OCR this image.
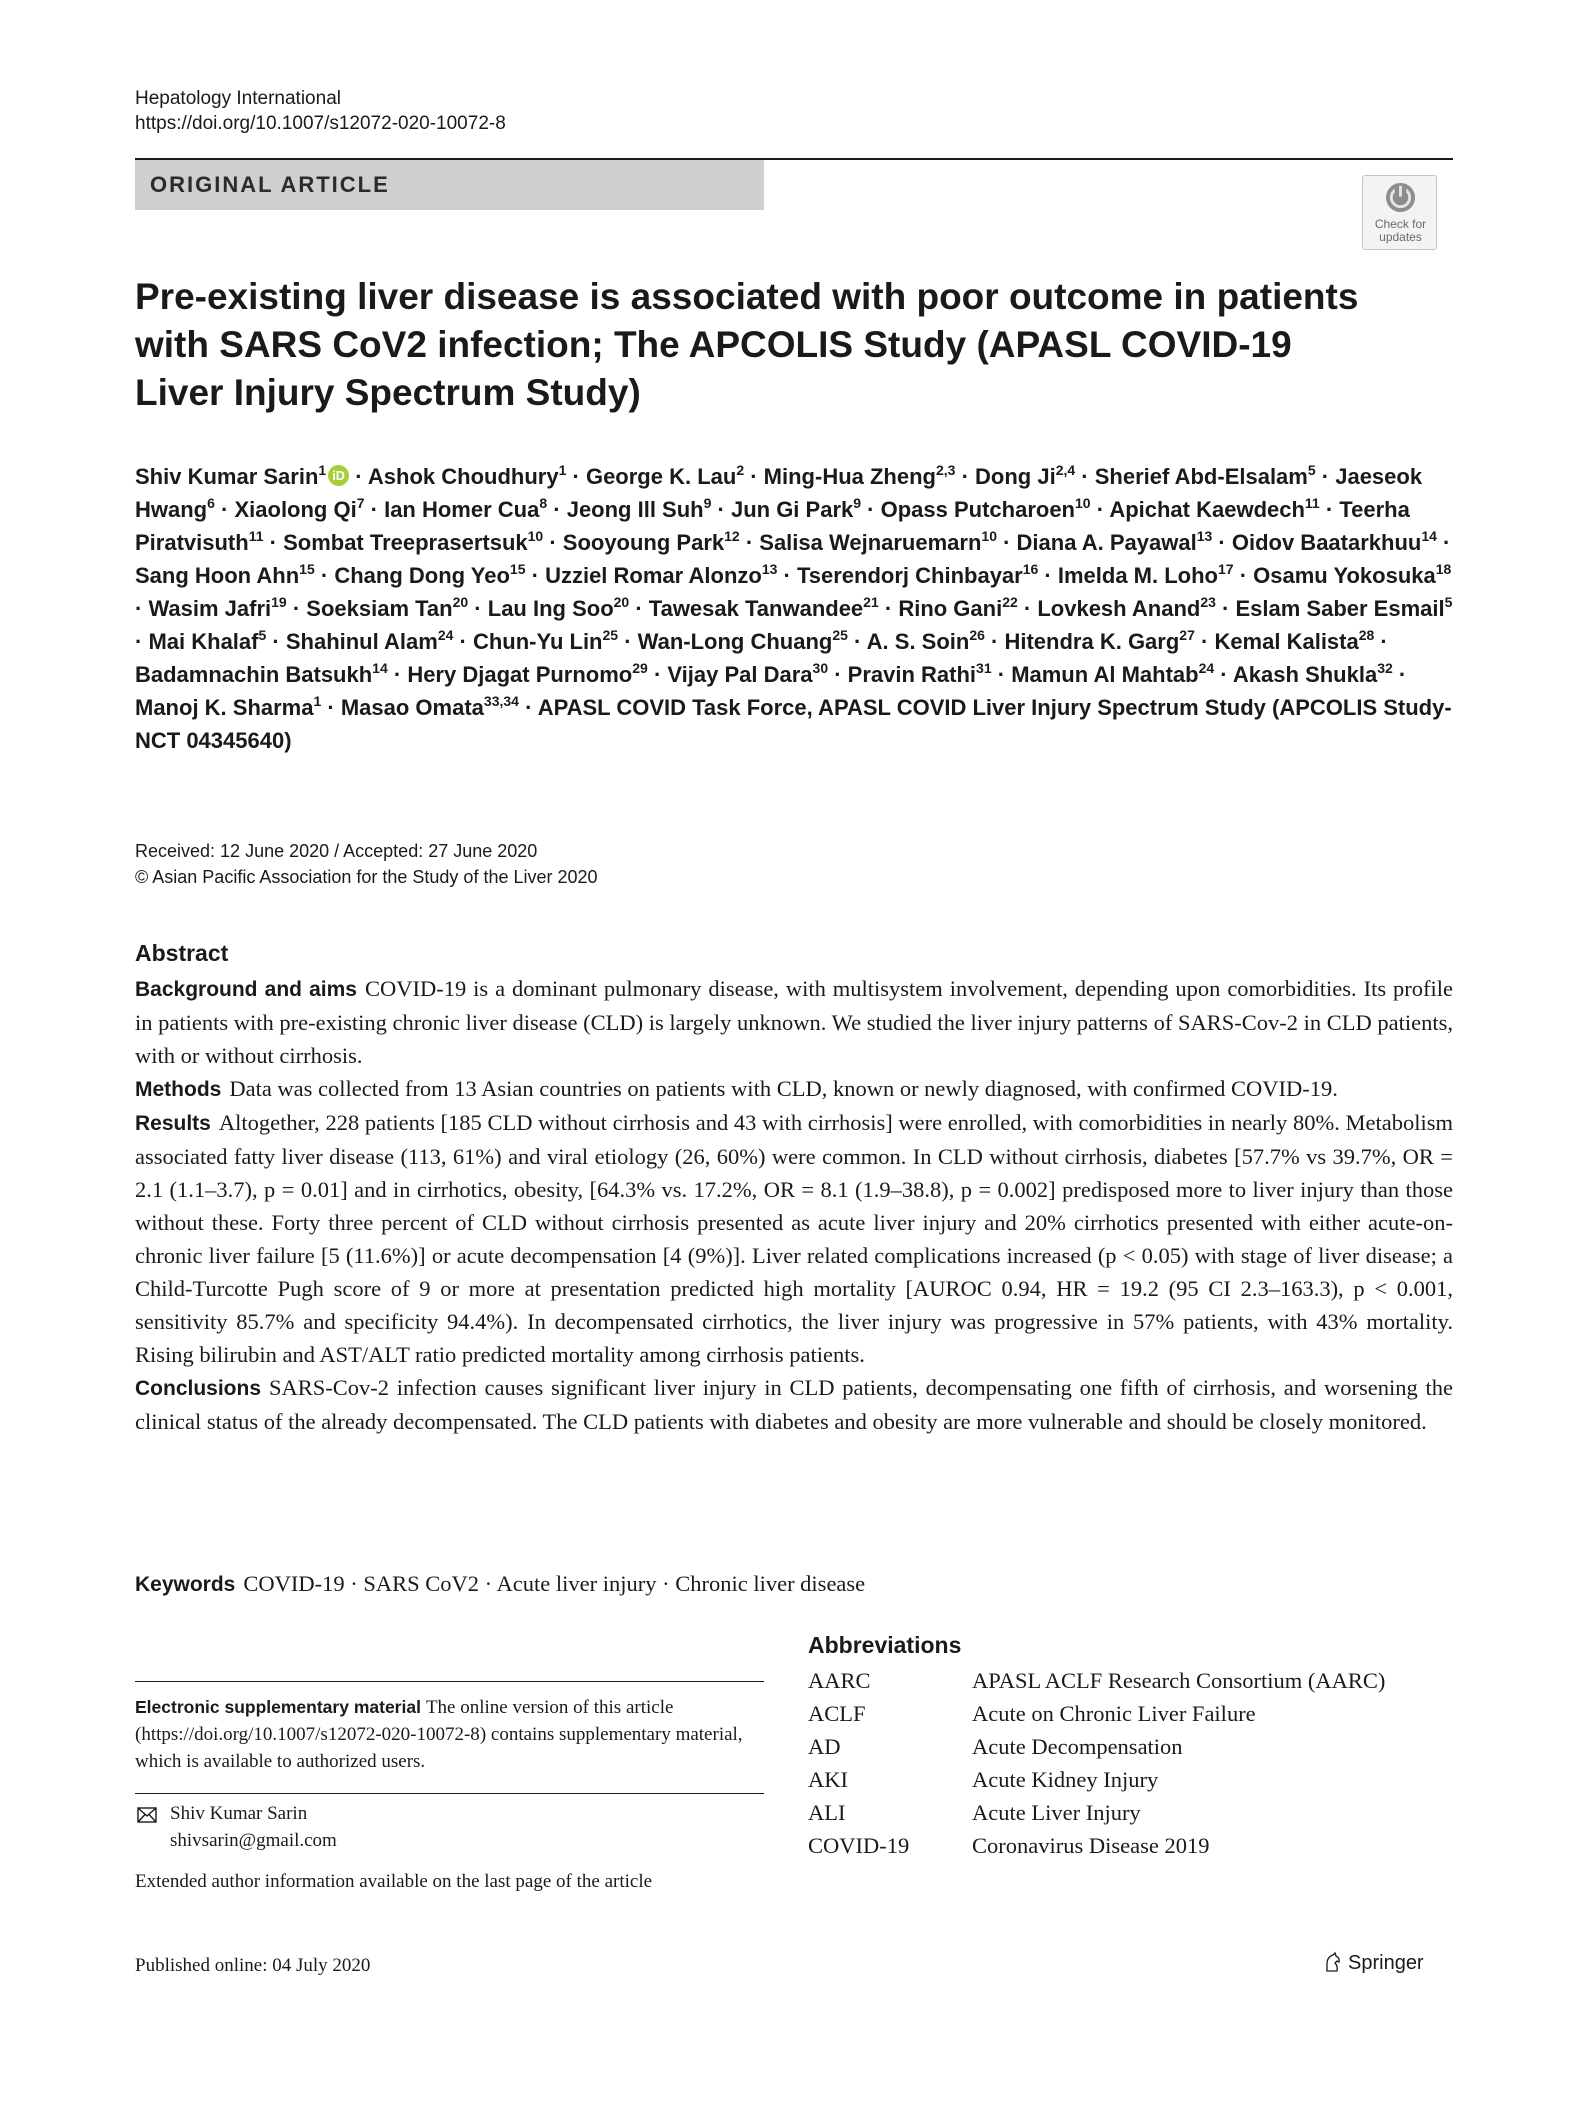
Hepatology International
https://doi.org/10.1007/s12072-020-10072-8
ORIGINAL ARTICLE
Check for
updates
Pre-existing liver disease is associated with poor outcome in patients with SARS CoV2 infection; The APCOLIS Study (APASL COVID-19 Liver Injury Spectrum Study)
Shiv Kumar Sarin$^1$ iD · Ashok Choudhury$^1$ · George K. Lau$^2$ · Ming-Hua Zheng$^{2,3}$ · Dong Ji$^{2,4}$ · Sherief Abd-Elsalam$^5$ · Jaeseok Hwang$^6$ · Xiaolong $Qi^7$ · Ian Homer Cua$^8$ · Jeong Ill Suh$^9$ · Jun Gi Park$^9$ · Opass Putcharoen$^{10}$ · Apichat Kaewdech$^{11}$ · Teerha Piratvisuth$^{11}$ · Sombat Treeprasertsuk$^{10}$ · Sooyoung Park$^{12}$ · Salisa Wejnaruemarn$^{10}$ · Diana A. Payawal$^{13}$ · Oidov Baatarkhuu$^{14}$ · Sang Hoon Ahn$^{15}$ · Chang Dong Yeo$^{15}$ · Uzziel Romar Alonzo$^{13}$ · Tserendorj Chinbayar$^{16}$ · Imelda M. Loho$^{17}$ · Osamu Yokosuka$^{18}$ · Wasim Jafri$^{19}$ · Soeksiam Tan$^{20}$ · Lau Ing Soo$^{20}$ · Tawesak Tanwandee$^{21}$ · Rino Gani$^{22}$ · Lovkesh Anand$^{23}$ · Eslam Saber Esmail$^5$ · Mai Khalaf$^5$ · Shahinul Alam$^{24}$ · Chun-Yu Lin$^{25}$ · Wan-Long Chuang$^{25}$ · A. S. Soin$^{26}$ · Hitendra K. Garg$^{27}$ · Kemal Kalista$^{28}$ · Badamnachin Batsukh$^{14}$ · Hery Djagat Purnomo$^{29}$ · Vijay Pal Dara$^{30}$ · Pravin Rathi$^{31}$ · Mamun Al Mahtab$^{24}$ · Akash Shukla$^{32}$ · Manoj K. Sharma$^1$ · Masao Omata$^{33,34}$ · APASL COVID Task Force, APASL COVID Liver Injury Spectrum Study (APCOLIS Study-NCT 04345640)
Received: 12 June 2020 / Accepted: 27 June 2020
© Asian Pacific Association for the Study of the Liver 2020
Abstract

Background and aims COVID-19 is a dominant pulmonary disease, with multisystem involvement, depending upon comorbidities. Its profile in patients with pre-existing chronic liver disease (CLD) is largely unknown. We studied the liver injury patterns of SARS-Cov-2 in CLD patients, with or without cirrhosis.

Methods Data was collected from 13 Asian countries on patients with CLD, known or newly diagnosed, with confirmed COVID-19.

Results Altogether, 228 patients [185 CLD without cirrhosis and 43 with cirrhosis] were enrolled, with comorbidities in nearly 80%. Metabolism associated fatty liver disease (113, 61%) and viral etiology (26, 60%) were common. In CLD without cirrhosis, diabetes [57.7% vs 39.7%, OR = 2.1 (1.1–3.7), p = 0.01] and in cirrhotics, obesity, [64.3% vs. 17.2%, OR = 8.1 (1.9–38.8), p = 0.002] predisposed more to liver injury than those without these. Forty three percent of CLD without cirrhosis presented as acute liver injury and 20% cirrhotics presented with either acute-on-chronic liver failure [5 (11.6%)] or acute decompensation [4 (9%)]. Liver related complications increased (p < 0.05) with stage of liver disease; a Child-Turcotte Pugh score of 9 or more at presentation predicted high mortality [AUROC 0.94, HR = 19.2 (95 CI 2.3–163.3), p < 0.001, sensitivity 85.7% and specificity 94.4%). In decompensated cirrhotics, the liver injury was progressive in 57% patients, with 43% mortality. Rising bilirubin and AST/ALT ratio predicted mortality among cirrhosis patients.

Conclusions SARS-Cov-2 infection causes significant liver injury in CLD patients, decompensating one fifth of cirrhosis, and worsening the clinical status of the already decompensated. The CLD patients with diabetes and obesity are more vulnerable and should be closely monitored.

Keywords COVID-19 · SARS CoV2 · Acute liver injury · Chronic liver disease
Electronic supplementary material The online version of this article (https://doi.org/10.1007/s12072-020-10072-8) contains supplementary material, which is available to authorized users.
Shiv Kumar Sarin
shivsarin@gmail.com
Extended author information available on the last page of the article
Abbreviations
AARC	APASL ACLF Research Consortium (AARC)
ACLF	Acute on Chronic Liver Failure
AD	Acute Decompensation
AKI	Acute Kidney Injury
ALI	Acute Liver Injury
COVID-19	Coronavirus Disease 2019
Published online: 04 July 2020	Springer
